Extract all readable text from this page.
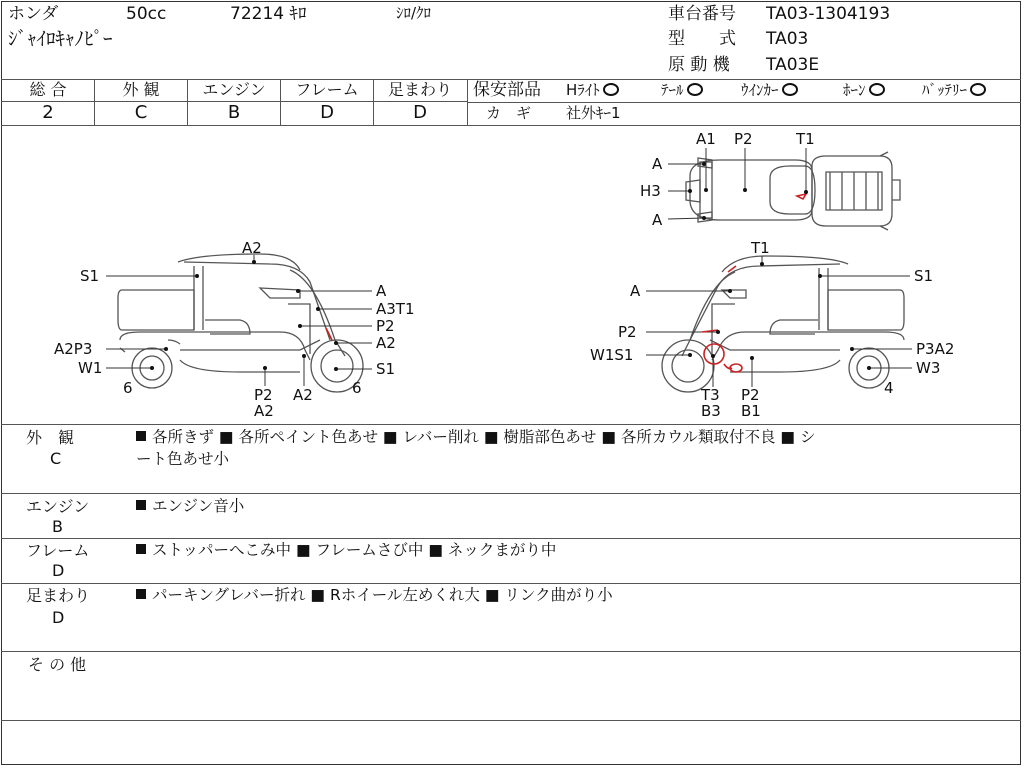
ホンダ	50cc	72214 ｷﾛ	ｼﾛ/ｸﾛ
ｼﾞｬｲﾛｷｬﾉﾋﾟｰ
車台番号 TA03-1304193
型　　式 TA03
原 動 機 TA03E
総 合	外 観	エンジン	フレーム	足まわり
2	C	B	D	D
保安部品 Hﾗｲﾄ	ﾃｰﾙ	ｳｲﾝｶｰ	ﾎｰﾝ	ﾊﾞｯﾃﾘｰ
カ　ギ 社外ｷｰ1
A1 P2	T1
A
H3
A
A2
S1
A
A3T1
P2
A2
A2P3
W1	S1
6	6
P2
A2
A2
T1
S1
A
P2
W1S1	P3A2
W3
4
T3
B3
P2
B1
外　観
C
各所きず ■ 各所ペイント色あせ ■ レバー削れ ■ 樹脂部色あせ ■ 各所カウル類取付不良 ■ シ
ート色あせ小
エンジン
B
エンジン音小
フレーム
D
ストッパーへこみ中 ■ フレームさび中 ■ ネックまがり中
足まわり
D
パーキングレバー折れ ■ Rホイール左めくれ大 ■ リンク曲がり小
そ の 他
